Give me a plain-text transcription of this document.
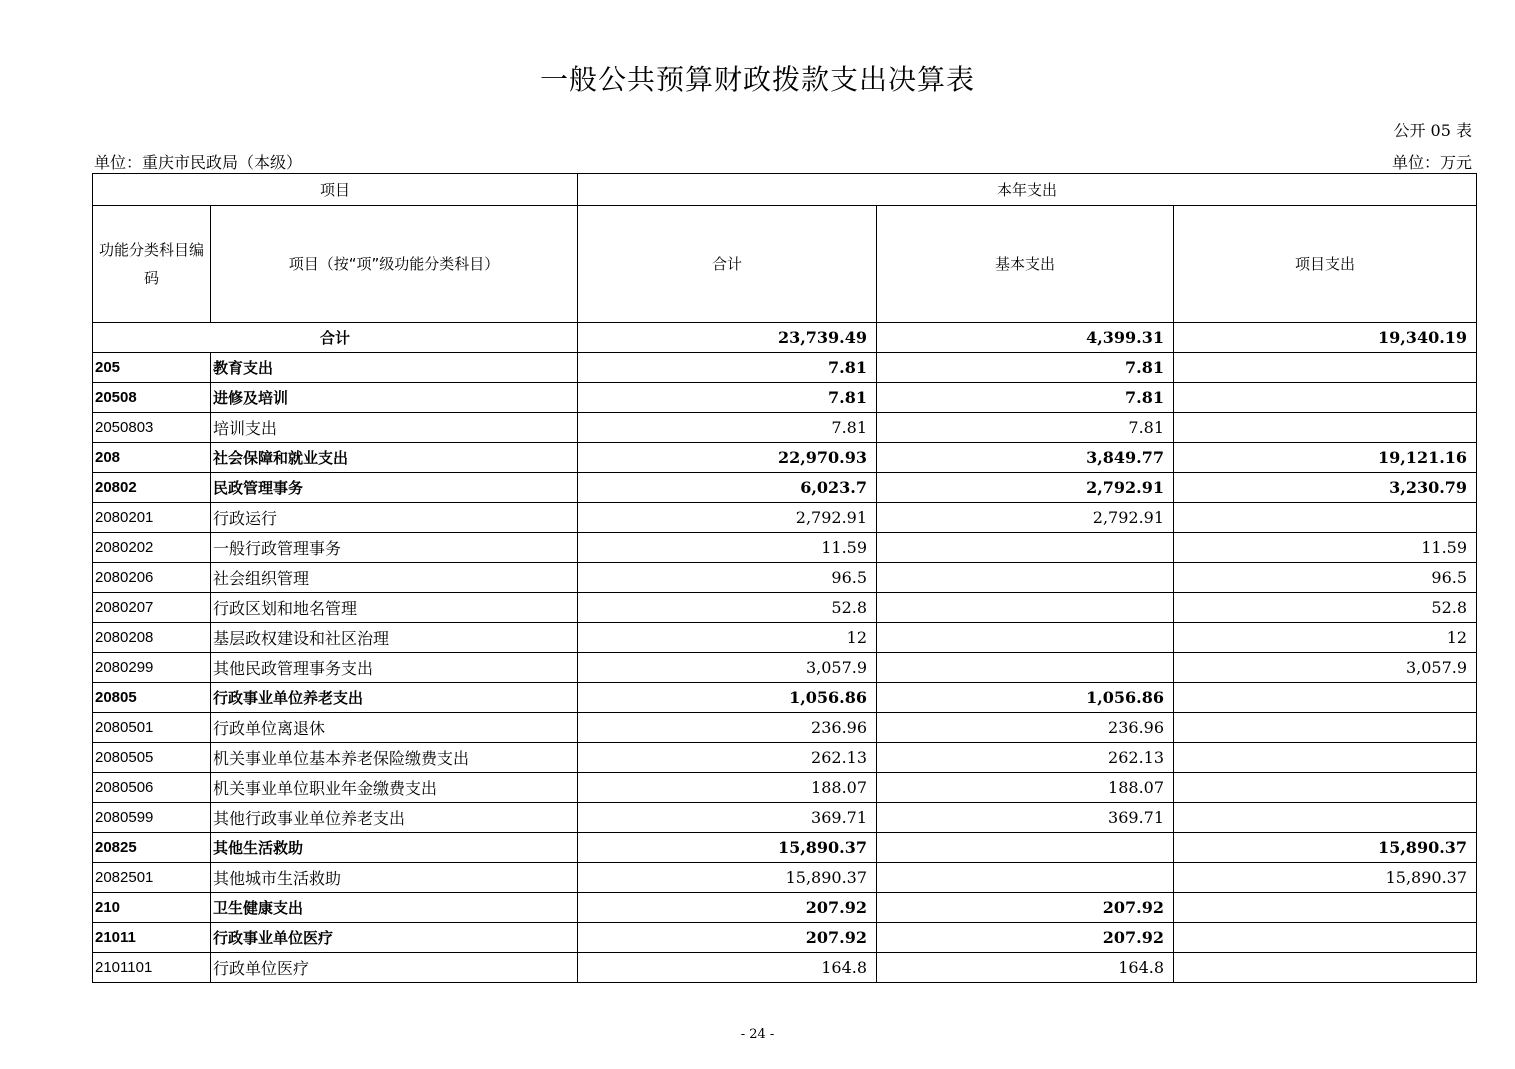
一般公共预算财政拨款支出决算表
公开 05 表
单位：重庆市民政局（本级）	单位：万元
项目		本年支出		
功能分类科目编码	项目（按“项”级功能分类科目）	合计	基本支出	项目支出
合计		23,739.49	4,399.31	19,340.19
205	教育支出	7.81	7.81	
20508	进修及培训	7.81	7.81	
2050803	培训支出	7.81	7.81	
208	社会保障和就业支出	22,970.93	3,849.77	19,121.16
20802	民政管理事务	6,023.7	2,792.91	3,230.79
2080201	行政运行	2,792.91	2,792.91	
2080202	一般行政管理事务	11.59		11.59
2080206	社会组织管理	96.5		96.5
2080207	行政区划和地名管理	52.8		52.8
2080208	基层政权建设和社区治理	12		12
2080299	其他民政管理事务支出	3,057.9		3,057.9
20805	行政事业单位养老支出	1,056.86	1,056.86	
2080501	行政单位离退休	236.96	236.96	
2080505	机关事业单位基本养老保险缴费支出	262.13	262.13	
2080506	机关事业单位职业年金缴费支出	188.07	188.07	
2080599	其他行政事业单位养老支出	369.71	369.71	
20825	其他生活救助	15,890.37		15,890.37
2082501	其他城市生活救助	15,890.37		15,890.37
210	卫生健康支出	207.92	207.92	
21011	行政事业单位医疗	207.92	207.92	
2101101	行政单位医疗	164.8	164.8	
- 24 -
